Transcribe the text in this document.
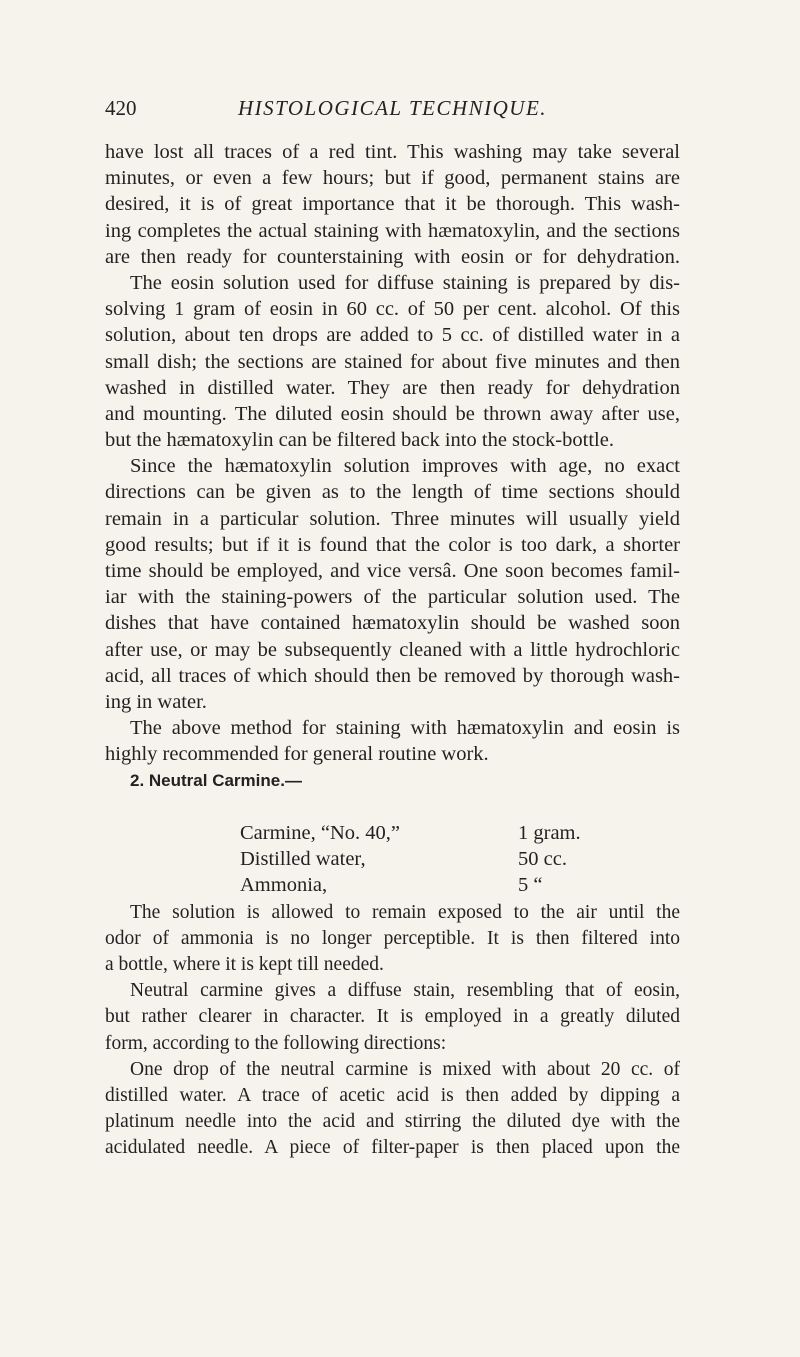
420	HISTOLOGICAL TECHNIQUE.
have lost all traces of a red tint. This washing may take several
minutes, or even a few hours; but if good, permanent stains are
desired, it is of great importance that it be thorough. This wash-
ing completes the actual staining with hæmatoxylin, and the sections
are then ready for counterstaining with eosin or for dehydration.
The eosin solution used for diffuse staining is prepared by dis-
solving 1 gram of eosin in 60 cc. of 50 per cent. alcohol. Of this
solution, about ten drops are added to 5 cc. of distilled water in a
small dish; the sections are stained for about five minutes and then
washed in distilled water. They are then ready for dehydration
and mounting. The diluted eosin should be thrown away after use,
but the hæmatoxylin can be filtered back into the stock-bottle.
Since the hæmatoxylin solution improves with age, no exact
directions can be given as to the length of time sections should
remain in a particular solution. Three minutes will usually yield
good results; but if it is found that the color is too dark, a shorter
time should be employed, and vice versâ. One soon becomes famil-
iar with the staining-powers of the particular solution used. The
dishes that have contained hæmatoxylin should be washed soon
after use, or may be subsequently cleaned with a little hydrochloric
acid, all traces of which should then be removed by thorough wash-
ing in water.
The above method for staining with hæmatoxylin and eosin is
highly recommended for general routine work.
2. Neutral Carmine.—
Carmine, “No. 40,”	1 gram.
Distilled water,	50 cc.
Ammonia,	5 “
The solution is allowed to remain exposed to the air until the
odor of ammonia is no longer perceptible. It is then filtered into
a bottle, where it is kept till needed.
Neutral carmine gives a diffuse stain, resembling that of eosin,
but rather clearer in character. It is employed in a greatly diluted
form, according to the following directions:
One drop of the neutral carmine is mixed with about 20 cc. of
distilled water. A trace of acetic acid is then added by dipping a
platinum needle into the acid and stirring the diluted dye with the
acidulated needle. A piece of filter-paper is then placed upon the
